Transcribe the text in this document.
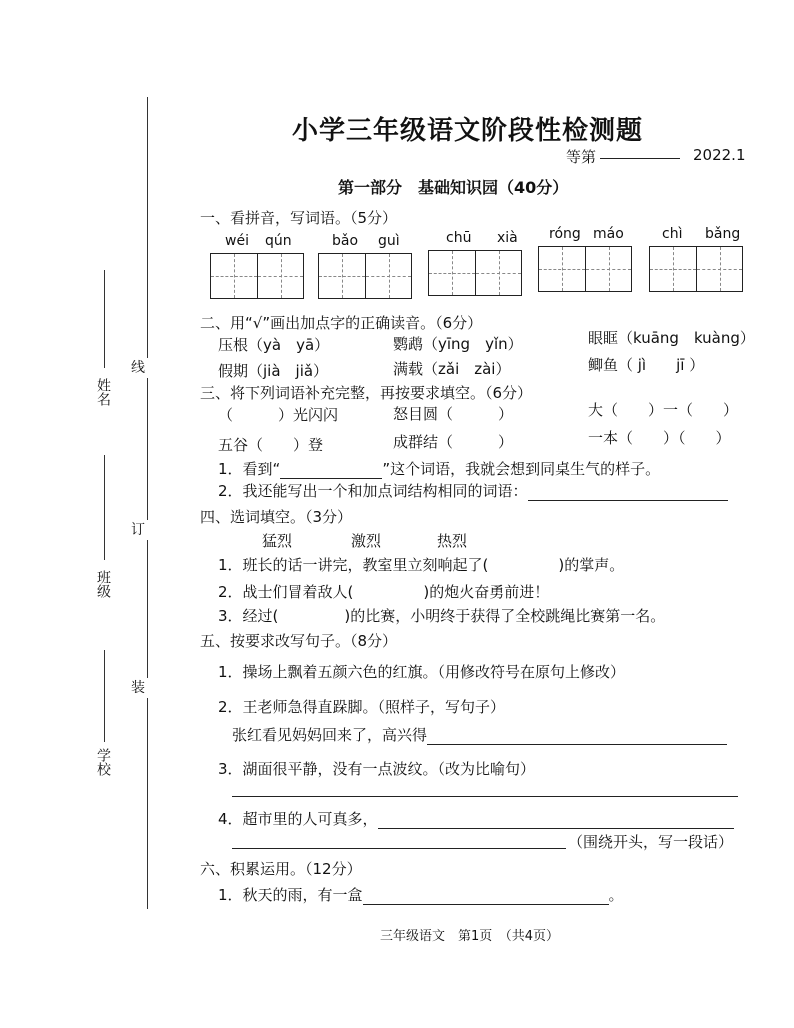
线
订
装
姓名
班级
学校
小学三年级语文阶段性检测题
等第	2022.1
第一部分　基础知识园（40分）
一、看拼音，写词语。（5分）
wéi qún	bǎo guì	chū xià róng máo	chì bǎng
二、用“√”画出加点字的正确读音。（6分）
压根（yà　yā）	鹦鹉（yīng　yǐn）	眼眶（kuāng　kuàng）
假期（jià　jiǎ）	满载（zǎi　zài）	鲫鱼（ jì　　jī ）
三、将下列词语补充完整，再按要求填空。（6分）
（　　　）光闪闪	怒目圆（　　　）	大（　　）一（　　）
五谷（　　）登	成群结（　　　）	一本（　　）（　　）
1．看到“	”这个词语，我就会想到同桌生气的样子。
2．我还能写出一个和加点词结构相同的词语：
四、选词填空。（3分）
猛烈	激烈	热烈
1．班长的话一讲完，教室里立刻响起了(	)的掌声。
2．战士们冒着敌人(	)的炮火奋勇前进！
3．经过(	)的比赛，小明终于获得了全校跳绳比赛第一名。
五、按要求改写句子。（8分）
1．操场上飘着五颜六色的红旗。（用修改符号在原句上修改）
2．王老师急得直跺脚。（照样子，写句子）
张红看见妈妈回来了，高兴得
3．湖面很平静，没有一点波纹。（改为比喻句）
4．超市里的人可真多，
（围绕开头，写一段话）
六、积累运用。（12分）
1．秋天的雨，有一盒	。
三年级语文　第1页　（共4页）
